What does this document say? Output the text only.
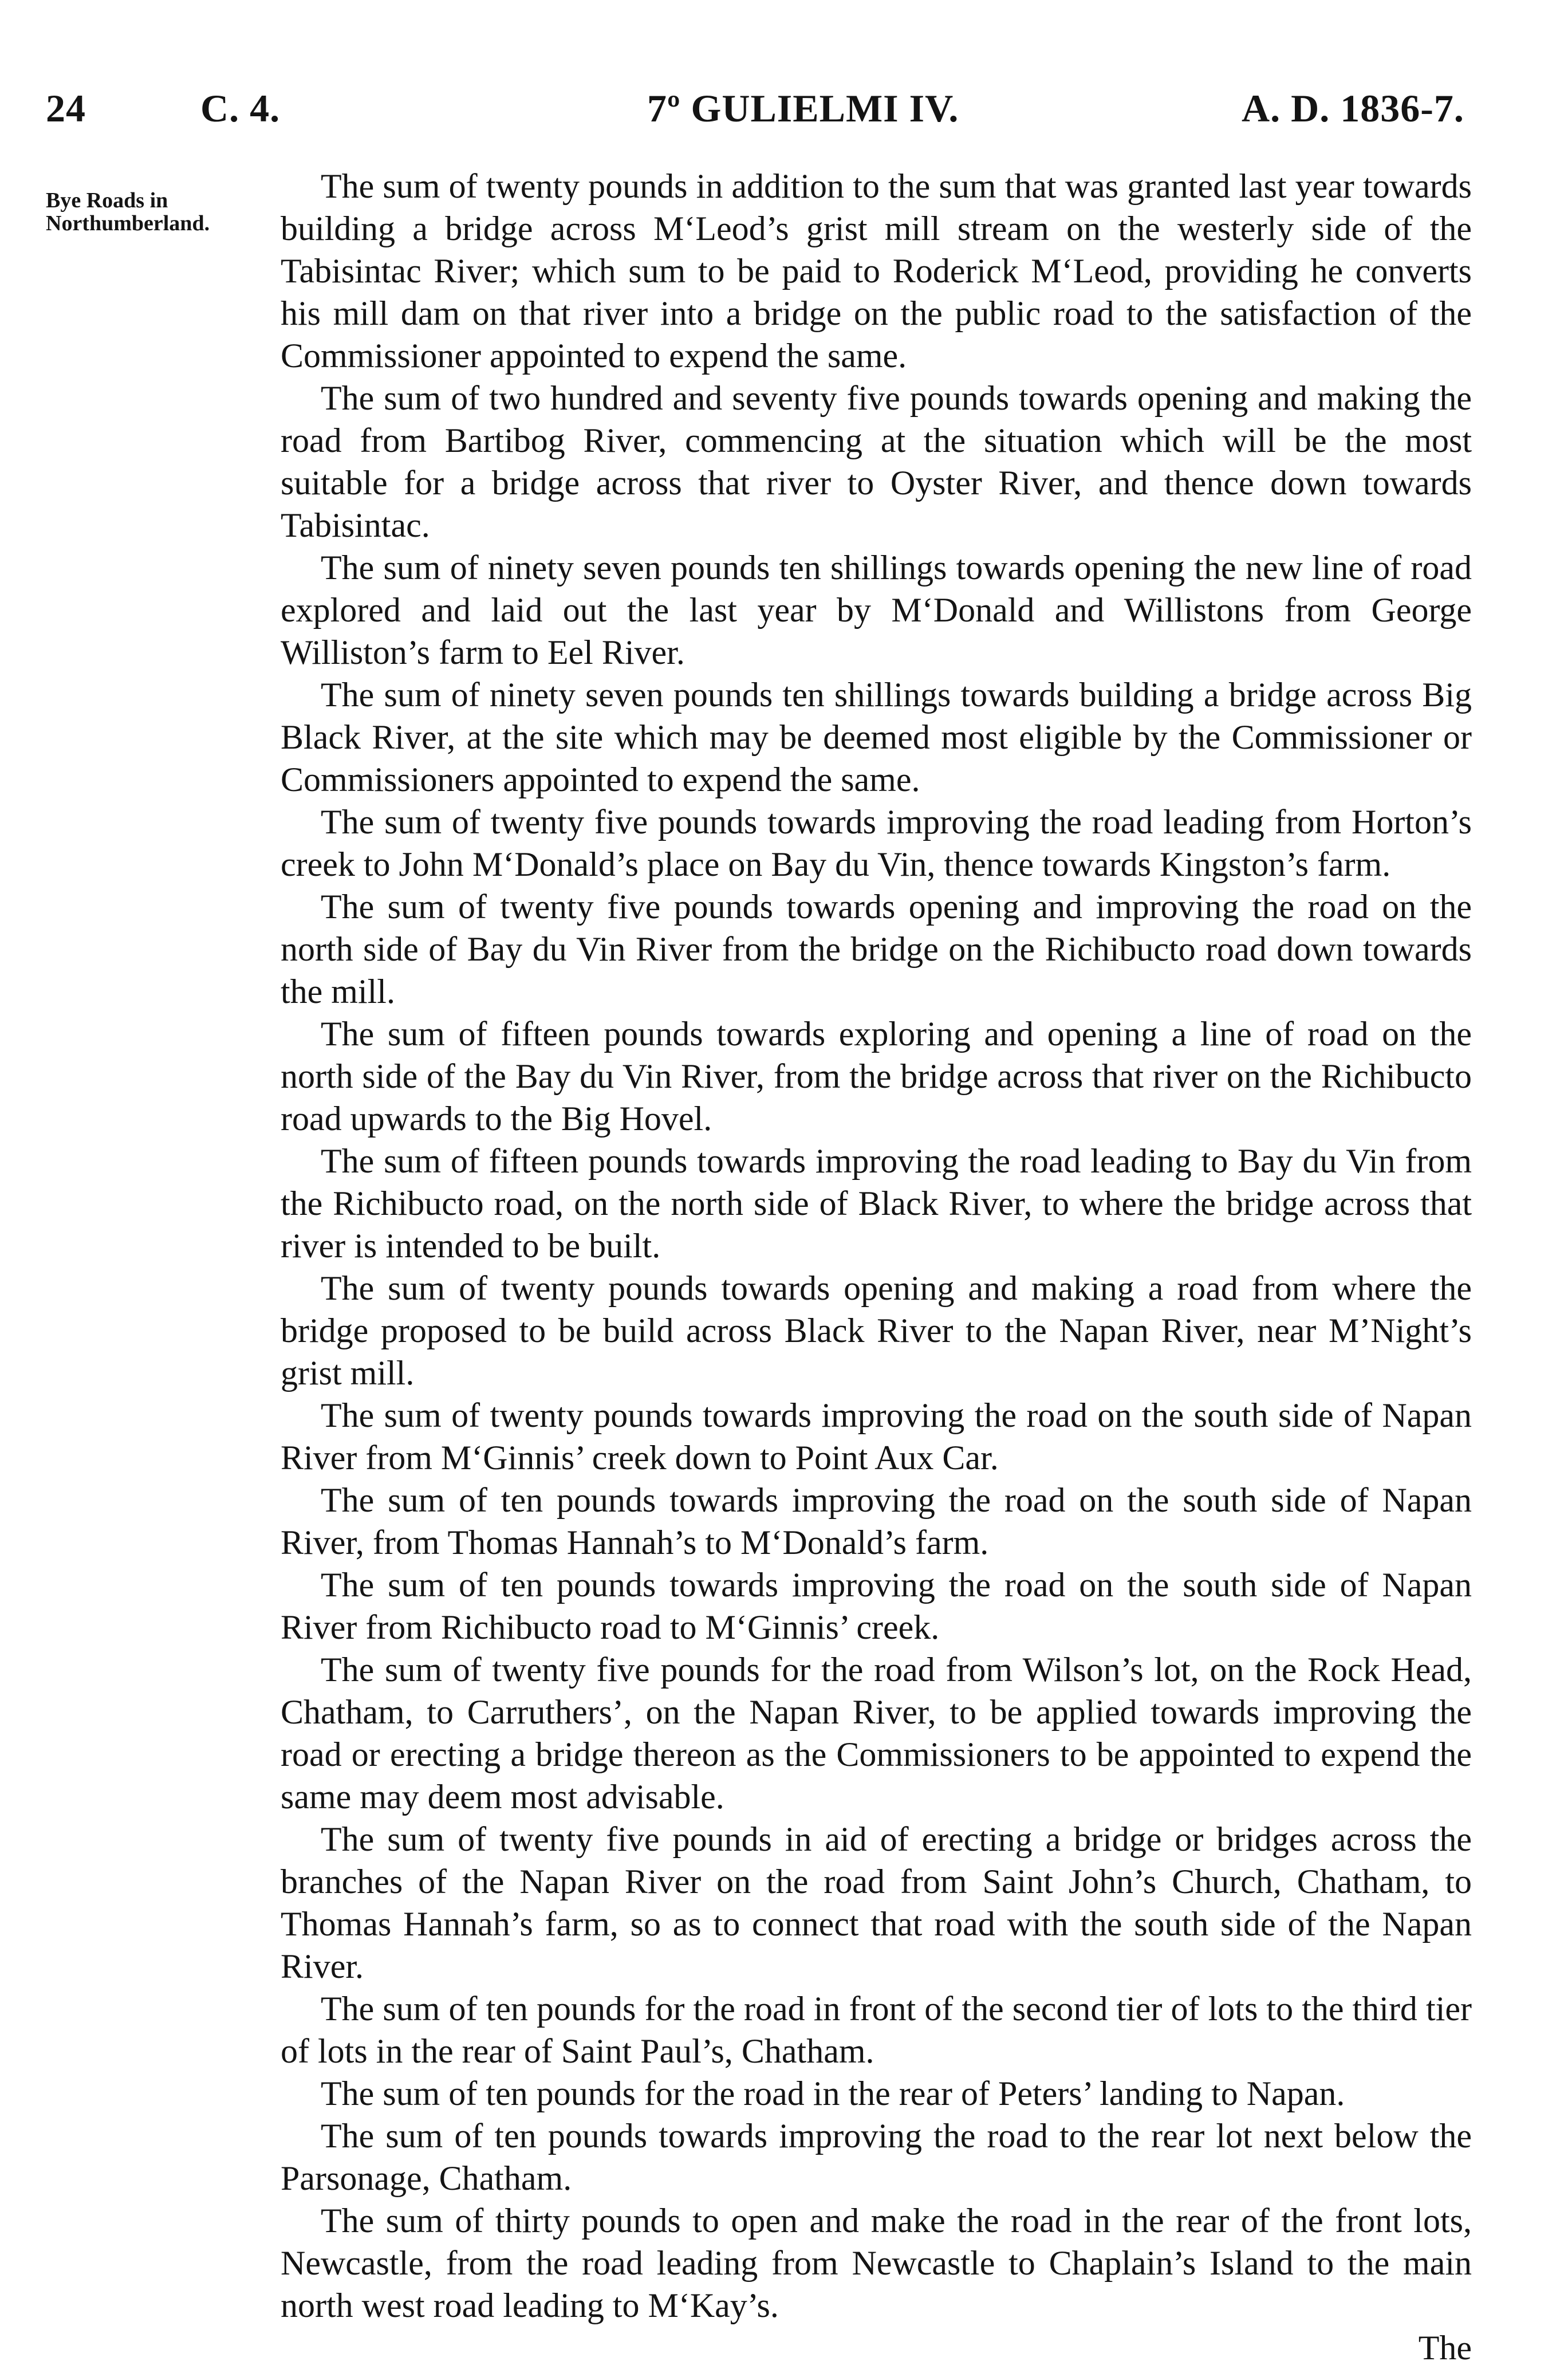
24	C. 4.	7º GULIELMI IV.	A. D. 1836-7.
Bye Roads in Northumberland.

The sum of twenty pounds in addition to the sum that was granted last year towards building a bridge across M‘Leod’s grist mill stream on the westerly side of the Tabisintac River; which sum to be paid to Roderick M‘Leod, providing he converts his mill dam on that river into a bridge on the public road to the satisfaction of the Commissioner appointed to expend the same.

The sum of two hundred and seventy five pounds towards opening and making the road from Bartibog River, commencing at the situation which will be the most suitable for a bridge across that river to Oyster River, and thence down towards Tabisintac.

The sum of ninety seven pounds ten shillings towards opening the new line of road explored and laid out the last year by M‘Donald and Willistons from George Williston’s farm to Eel River.

The sum of ninety seven pounds ten shillings towards building a bridge across Big Black River, at the site which may be deemed most eligible by the Commissioner or Commissioners appointed to expend the same.

The sum of twenty five pounds towards improving the road leading from Horton’s creek to John M‘Donald’s place on Bay du Vin, thence towards Kingston’s farm.

The sum of twenty five pounds towards opening and improving the road on the north side of Bay du Vin River from the bridge on the Richibucto road down towards the mill.

The sum of fifteen pounds towards exploring and opening a line of road on the north side of the Bay du Vin River, from the bridge across that river on the Richibucto road upwards to the Big Hovel.

The sum of fifteen pounds towards improving the road leading to Bay du Vin from the Richibucto road, on the north side of Black River, to where the bridge across that river is intended to be built.

The sum of twenty pounds towards opening and making a road from where the bridge proposed to be build across Black River to the Napan River, near M’Night’s grist mill.

The sum of twenty pounds towards improving the road on the south side of Napan River from M‘Ginnis’ creek down to Point Aux Car.

The sum of ten pounds towards improving the road on the south side of Napan River, from Thomas Hannah’s to M‘Donald’s farm.

The sum of ten pounds towards improving the road on the south side of Napan River from Richibucto road to M‘Ginnis’ creek.

The sum of twenty five pounds for the road from Wilson’s lot, on the Rock Head, Chatham, to Carruthers’, on the Napan River, to be applied towards improving the road or erecting a bridge thereon as the Commissioners to be appointed to expend the same may deem most advisable.

The sum of twenty five pounds in aid of erecting a bridge or bridges across the branches of the Napan River on the road from Saint John’s Church, Chatham, to Thomas Hannah’s farm, so as to connect that road with the south side of the Napan River.

The sum of ten pounds for the road in front of the second tier of lots to the third tier of lots in the rear of Saint Paul’s, Chatham.

The sum of ten pounds for the road in the rear of Peters’ landing to Napan.

The sum of ten pounds towards improving the road to the rear lot next below the Parsonage, Chatham.

The sum of thirty pounds to open and make the road in the rear of the front lots, Newcastle, from the road leading from Newcastle to Chaplain’s Island to the main north west road leading to M‘Kay’s.

The
